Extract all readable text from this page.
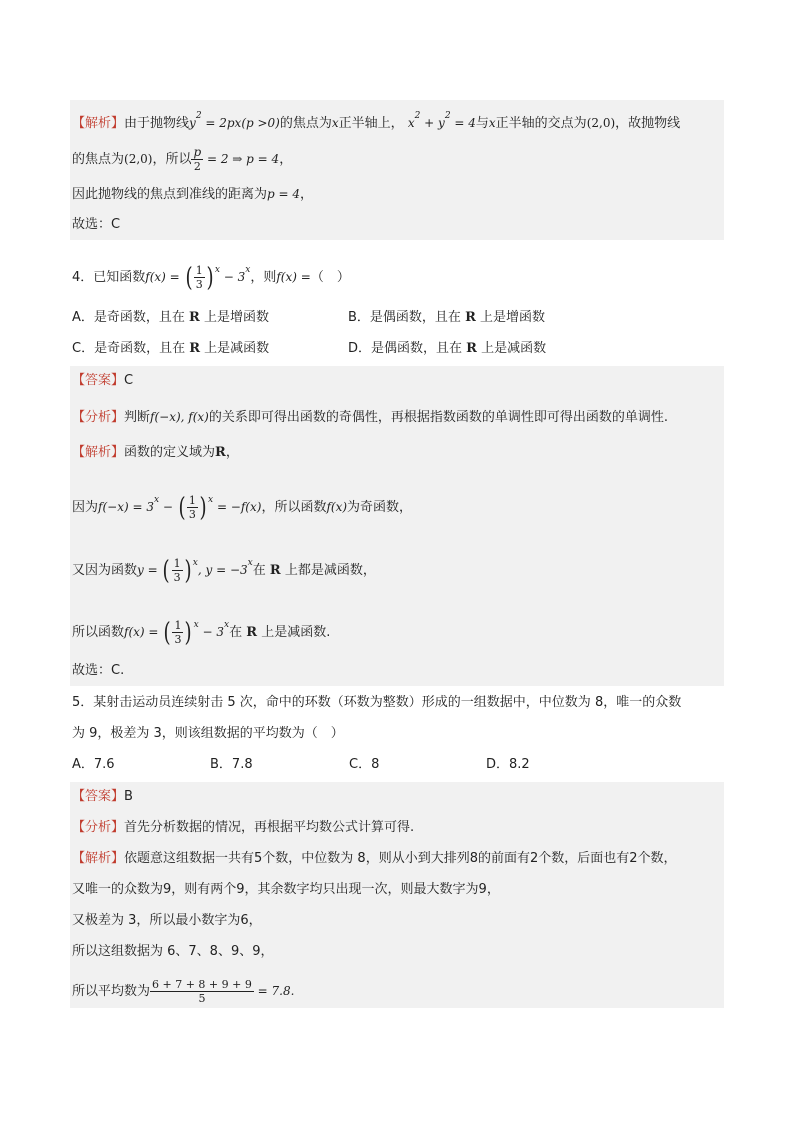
【解析】由于抛物线$y^2 = 2px(p >0)$的焦点为x正半轴上， $x^2 + y^2 = 4$与x正半轴的交点为(2,0)，故抛物线
的焦点为(2,0)，所以 $\frac{p}{2} = 2$ ⇒ p = 4，
因此抛物线的焦点到准线的距离为p = 4，
故选：C
4．已知函数f(x) = ( $\frac{1}{3}$ ) $^x - 3^x$，则f(x) =（　）
A．是奇函数，且在 R 上是增函数	B．是偶函数，且在 R 上是增函数
C．是奇函数，且在 R 上是减函数	D．是偶函数，且在 R 上是减函数
【答案】C
【分析】判断f(−x), f(x)的关系即可得出函数的奇偶性，再根据指数函数的单调性即可得出函数的单调性.
【解析】函数的定义域为R，
因为$f(-x) = 3^x$ − ( $\frac{1}{3}$ ) $^x$ = −f(x)，所以函数f(x)为奇函数，
又因为函数y = ( $\frac{1}{3}$ ) $^x$, $y = -3^x$在 R 上都是减函数，
所以函数f(x) = ( $\frac{1}{3}$ ) $^x - 3^x$在 R 上是减函数.
故选：C.
5．某射击运动员连续射击 5 次，命中的环数（环数为整数）形成的一组数据中，中位数为 8，唯一的众数
为 9，极差为 3，则该组数据的平均数为（　）
A．7.6	B．7.8	C．8	D．8.2
【答案】B
【分析】首先分析数据的情况，再根据平均数公式计算可得.
【解析】依题意这组数据一共有5个数，中位数为 8，则从小到大排列8的前面有2个数，后面也有2个数，
又唯一的众数为9，则有两个9，其余数字均只出现一次，则最大数字为9，
又极差为 3，所以最小数字为6，
所以这组数据为 6、7、8、9、9，
所以平均数为 $\frac{6 + 7 + 8 + 9 + 9}{5} = 7.8$.
